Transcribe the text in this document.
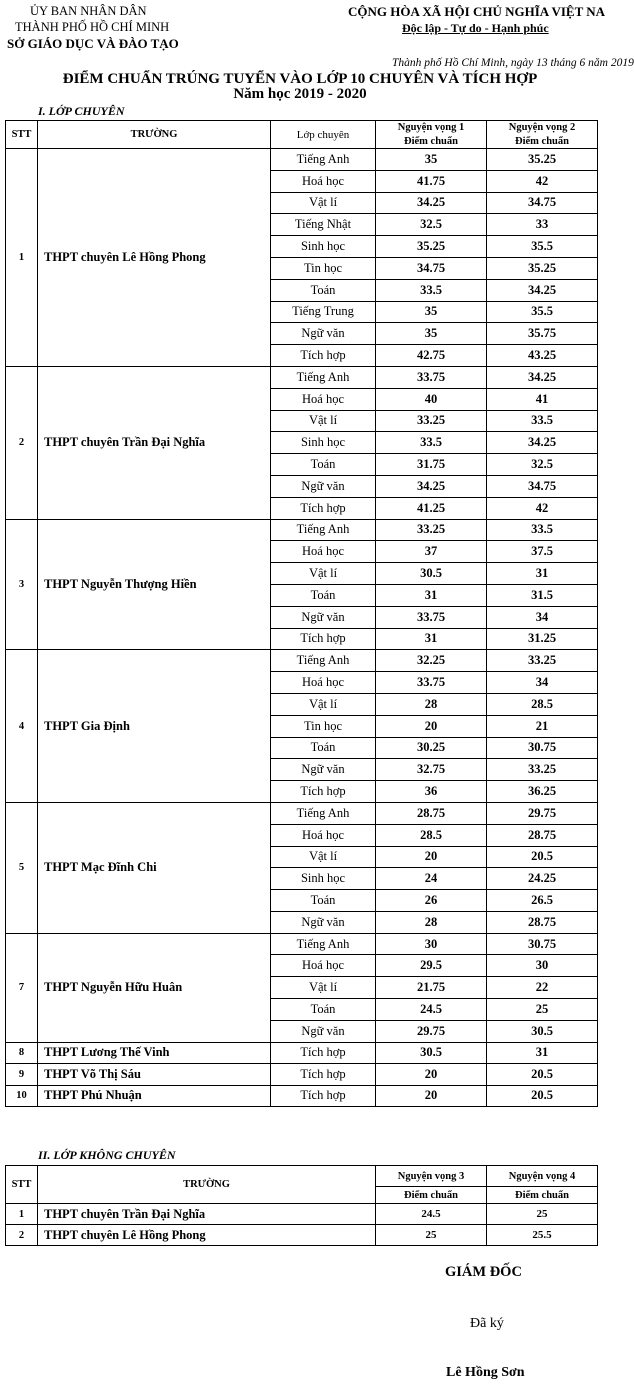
ỦY BAN NHÂN DÂN
THÀNH PHỐ HỒ CHÍ MINH
SỞ GIÁO DỤC VÀ ĐÀO TẠO
CỘNG HÒA XÃ HỘI CHỦ NGHĨA VIỆT NA
Độc lập - Tự do - Hạnh phúc
Thành phố Hồ Chí Minh, ngày 13 tháng 6 năm 2019
ĐIỂM CHUẨN TRÚNG TUYỂN VÀO LỚP 10 CHUYÊN VÀ TÍCH HỢP
Năm học 2019 - 2020
I. LỚP CHUYÊN
STT	TRƯỜNG	Lớp chuyên	Nguyện vọng 1	Nguyện vọng 2
			Điểm chuẩn	Điểm chuẩn
1	THPT chuyên Lê Hồng Phong	Tiếng Anh	35	35.25
		Hoá học	41.75	42
		Vật lí	34.25	34.75
		Tiếng Nhật	32.5	33
		Sinh học	35.25	35.5
		Tin học	34.75	35.25
		Toán	33.5	34.25
		Tiếng Trung	35	35.5
		Ngữ văn	35	35.75
		Tích hợp	42.75	43.25
2	THPT chuyên Trần Đại Nghĩa	Tiếng Anh	33.75	34.25
		Hoá học	40	41
		Vật lí	33.25	33.5
		Sinh học	33.5	34.25
		Toán	31.75	32.5
		Ngữ văn	34.25	34.75
		Tích hợp	41.25	42
3	THPT Nguyễn Thượng Hiền	Tiếng Anh	33.25	33.5
		Hoá học	37	37.5
		Vật lí	30.5	31
		Toán	31	31.5
		Ngữ văn	33.75	34
		Tích hợp	31	31.25
4	THPT Gia Định	Tiếng Anh	32.25	33.25
		Hoá học	33.75	34
		Vật lí	28	28.5
		Tin học	20	21
		Toán	30.25	30.75
		Ngữ văn	32.75	33.25
		Tích hợp	36	36.25
5	THPT Mạc Đĩnh Chi	Tiếng Anh	28.75	29.75
		Hoá học	28.5	28.75
		Vật lí	20	20.5
		Sinh học	24	24.25
		Toán	26	26.5
		Ngữ văn	28	28.75
7	THPT Nguyễn Hữu Huân	Tiếng Anh	30	30.75
		Hoá học	29.5	30
		Vật lí	21.75	22
		Toán	24.5	25
		Ngữ văn	29.75	30.5
8	THPT Lương Thế Vinh	Tích hợp	30.5	31
9	THPT Võ Thị Sáu	Tích hợp	20	20.5
10	THPT Phú Nhuận	Tích hợp	20	20.5
II. LỚP KHÔNG CHUYÊN
STT	TRƯỜNG	Nguyện vọng 3	Nguyện vọng 4
		Điểm chuẩn	Điểm chuẩn
1	THPT chuyên Trần Đại Nghĩa	24.5	25
2	THPT chuyên Lê Hồng Phong	25	25.5
GIÁM ĐỐC
Đã ký
Lê Hồng Sơn
